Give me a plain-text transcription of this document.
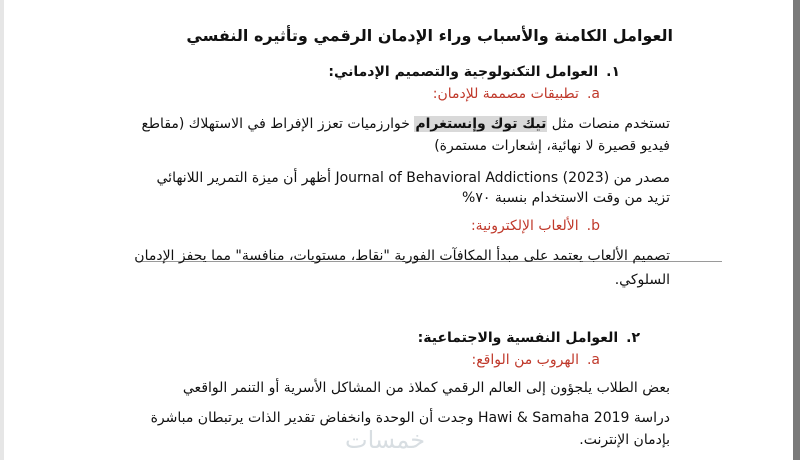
العوامل الكامنة والأسباب وراء الإدمان الرقمي وتأثيره النفسي
١.العوامل التكنولوجية والتصميم الإدماني:
a.تطبيقات مصممة للإدمان:
تستخدم منصات مثل تيك توك وإنستغرام خوارزميات تعزز الإفراط في الاستهلاك (مقاطع
فيديو قصيرة لا نهائية، إشعارات مستمرة)
مصدر من (2023) Journal of Behavioral Addictions أظهر أن ميزة التمرير اللانهائي
تزيد من وقت الاستخدام بنسبة ٧٠%
b.الألعاب الإلكترونية:
تصميم الألعاب يعتمد على مبدأ المكافآت الفورية "نقاط، مستويات، منافسة" مما يحفز الإدمان
السلوكي.
٢.العوامل النفسية والاجتماعية:
a.الهروب من الواقع:
بعض الطلاب يلجؤون إلى العالم الرقمي كملاذ من المشاكل الأسرية أو التنمر الواقعي
دراسة Hawi & Samaha 2019 وجدت أن الوحدة وانخفاض تقدير الذات يرتبطان مباشرة
بإدمان الإنترنت.
خمسات
